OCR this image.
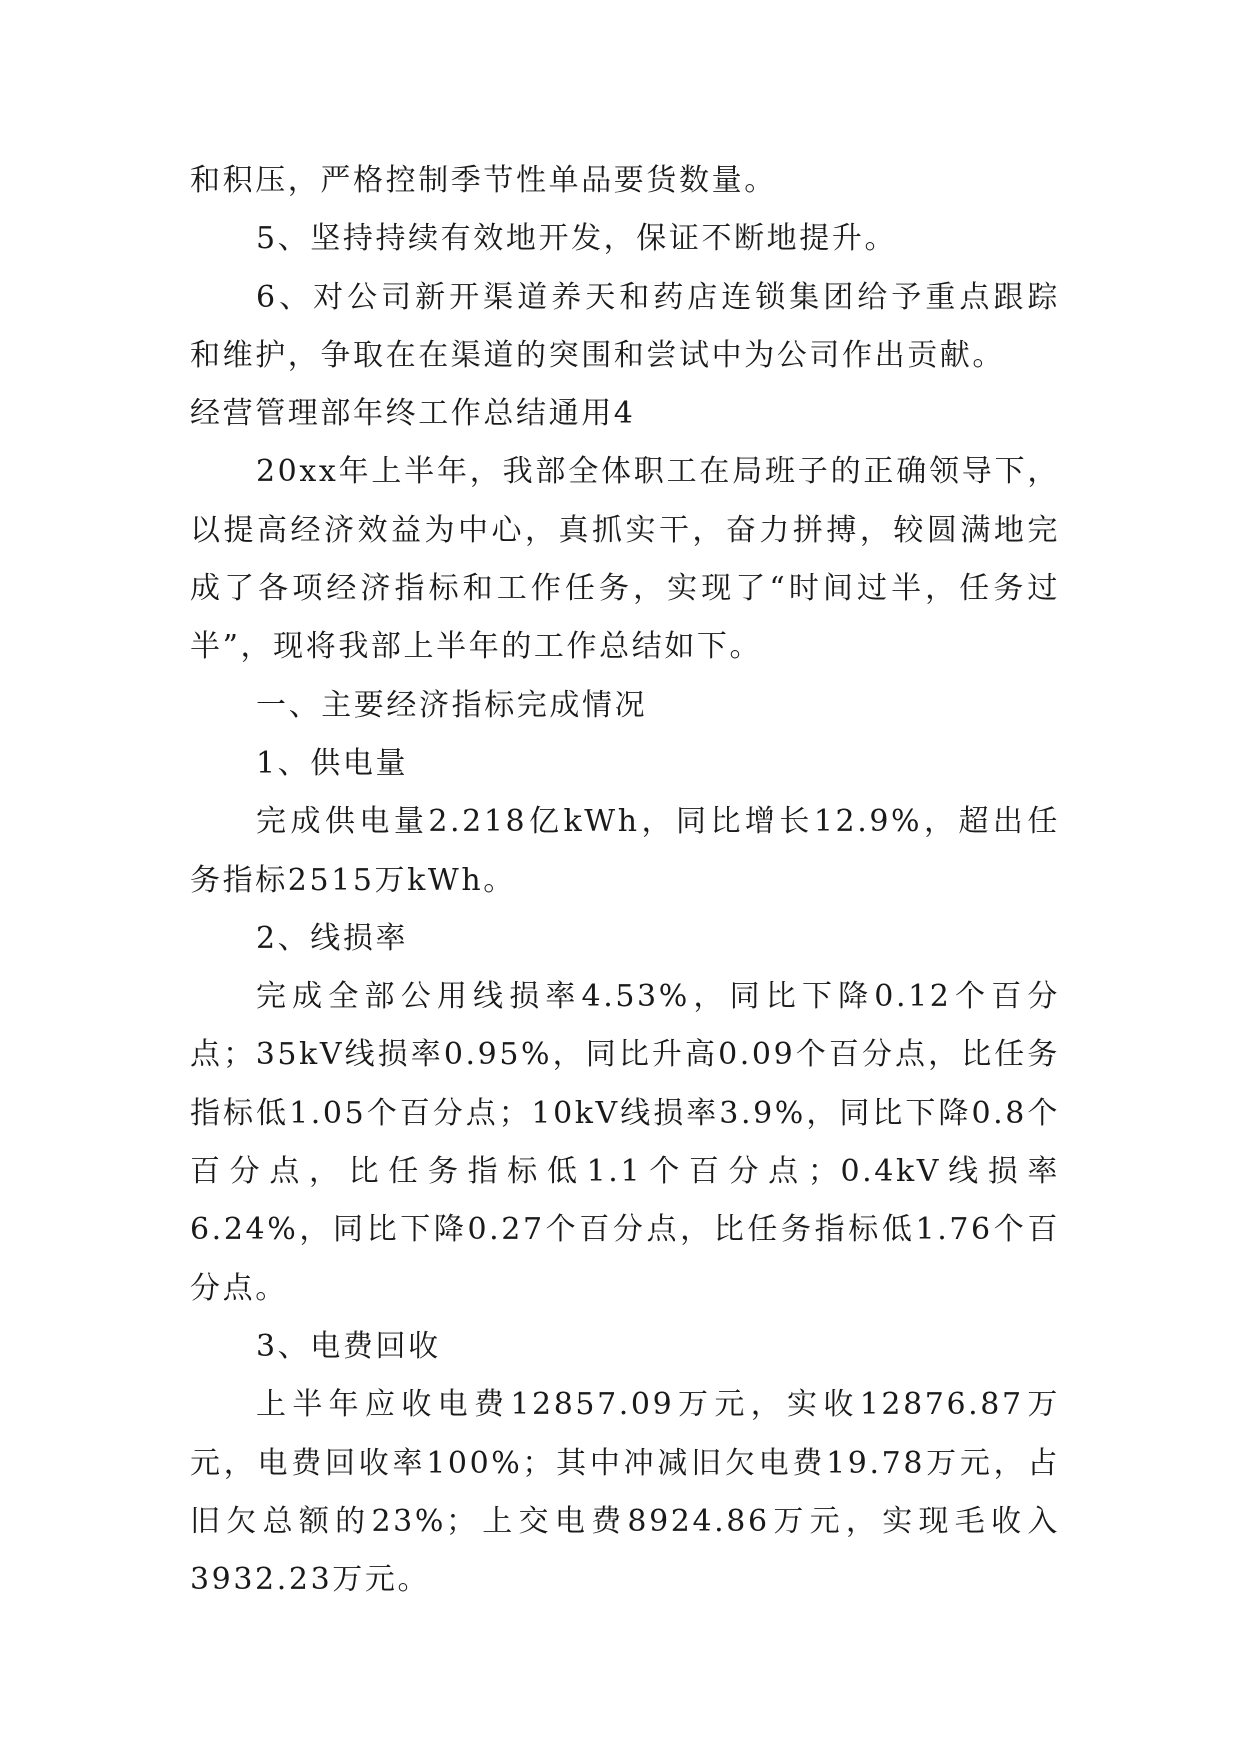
和积压，严格控制季节性单品要货数量。

5、坚持持续有效地开发，保证不断地提升。

6、对公司新开渠道养天和药店连锁集团给予重点跟踪和维护，争取在在渠道的突围和尝试中为公司作出贡献。

经营管理部年终工作总结通用4

20xx年上半年，我部全体职工在局班子的正确领导下，以提高经济效益为中心，真抓实干，奋力拼搏，较圆满地完成了各项经济指标和工作任务，实现了“时间过半，任务过半”，现将我部上半年的工作总结如下。

一、主要经济指标完成情况

1、供电量

完成供电量2.218亿kWh，同比增长12.9%，超出任务指标2515万kWh。

2、线损率

完成全部公用线损率4.53%，同比下降0.12个百分点；35kV线损率0.95%，同比升高0.09个百分点，比任务指标低1.05个百分点；10kV线损率3.9%，同比下降0.8个百分点，比任务指标低1.1个百分点；0.4kV线损率6.24%，同比下降0.27个百分点，比任务指标低1.76个百分点。

3、电费回收

上半年应收电费12857.09万元，实收12876.87万元，电费回收率100%；其中冲减旧欠电费19.78万元，占旧欠总额的23%；上交电费8924.86万元，实现毛收入3932.23万元。
